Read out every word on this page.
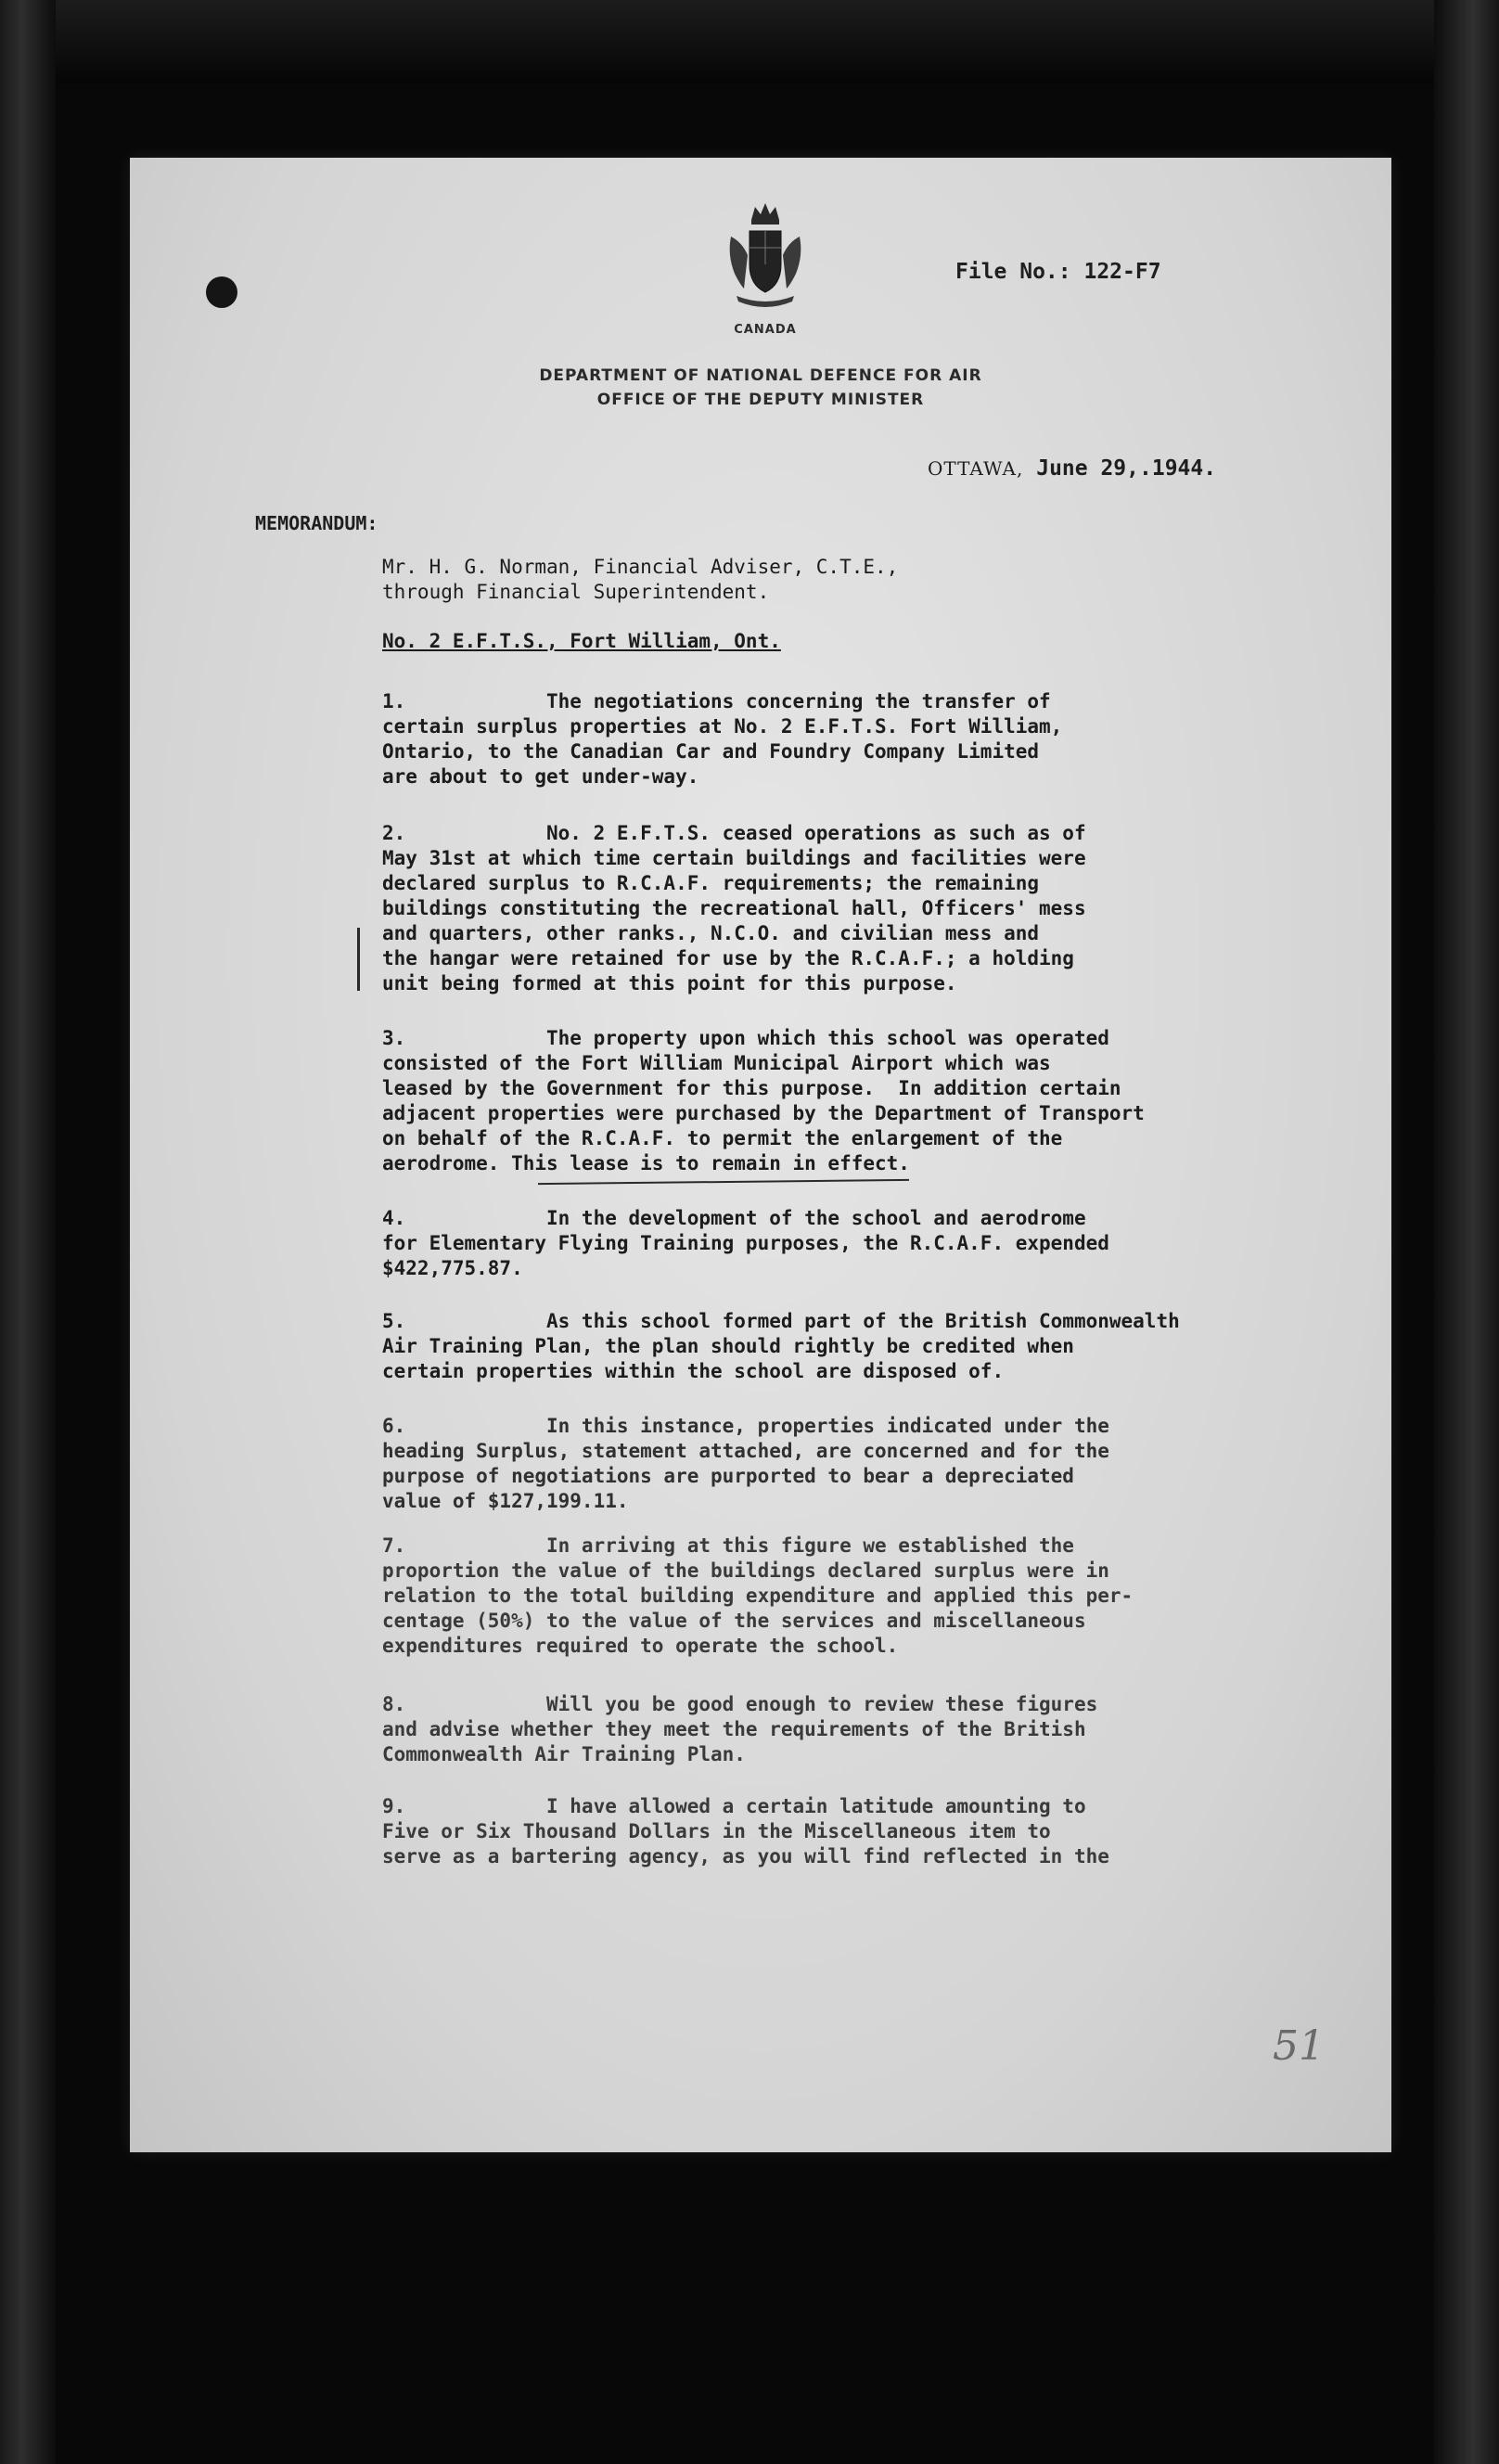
CANADA
File No.: 122-F7
DEPARTMENT OF NATIONAL DEFENCE FOR AIR
OFFICE OF THE DEPUTY MINISTER
OTTAWA, June 29,.1944.
MEMORANDUM:
Mr. H. G. Norman, Financial Adviser, C.T.E.,
through Financial Superintendent.
No. 2 E.F.T.S., Fort William, Ont.
1.            The negotiations concerning the transfer of
certain surplus properties at No. 2 E.F.T.S. Fort William,
Ontario, to the Canadian Car and Foundry Company Limited
are about to get under-way.
2.            No. 2 E.F.T.S. ceased operations as such as of
May 31st at which time certain buildings and facilities were
declared surplus to R.C.A.F. requirements; the remaining
buildings constituting the recreational hall, Officers' mess
and quarters, other ranks., N.C.O. and civilian mess and
the hangar were retained for use by the R.C.A.F.; a holding
unit being formed at this point for this purpose.
3.            The property upon which this school was operated
consisted of the Fort William Municipal Airport which was
leased by the Government for this purpose.  In addition certain
adjacent properties were purchased by the Department of Transport
on behalf of the R.C.A.F. to permit the enlargement of the
aerodrome. This lease is to remain in effect.
4.            In the development of the school and aerodrome
for Elementary Flying Training purposes, the R.C.A.F. expended
$422,775.87.
5.            As this school formed part of the British Commonwealth
Air Training Plan, the plan should rightly be credited when
certain properties within the school are disposed of.
6.            In this instance, properties indicated under the
heading Surplus, statement attached, are concerned and for the
purpose of negotiations are purported to bear a depreciated
value of $127,199.11.
7.            In arriving at this figure we established the
proportion the value of the buildings declared surplus were in
relation to the total building expenditure and applied this per-
centage (50%) to the value of the services and miscellaneous
expenditures required to operate the school.
8.            Will you be good enough to review these figures
and advise whether they meet the requirements of the British
Commonwealth Air Training Plan.
9.            I have allowed a certain latitude amounting to
Five or Six Thousand Dollars in the Miscellaneous item to
serve as a bartering agency, as you will find reflected in the
51
